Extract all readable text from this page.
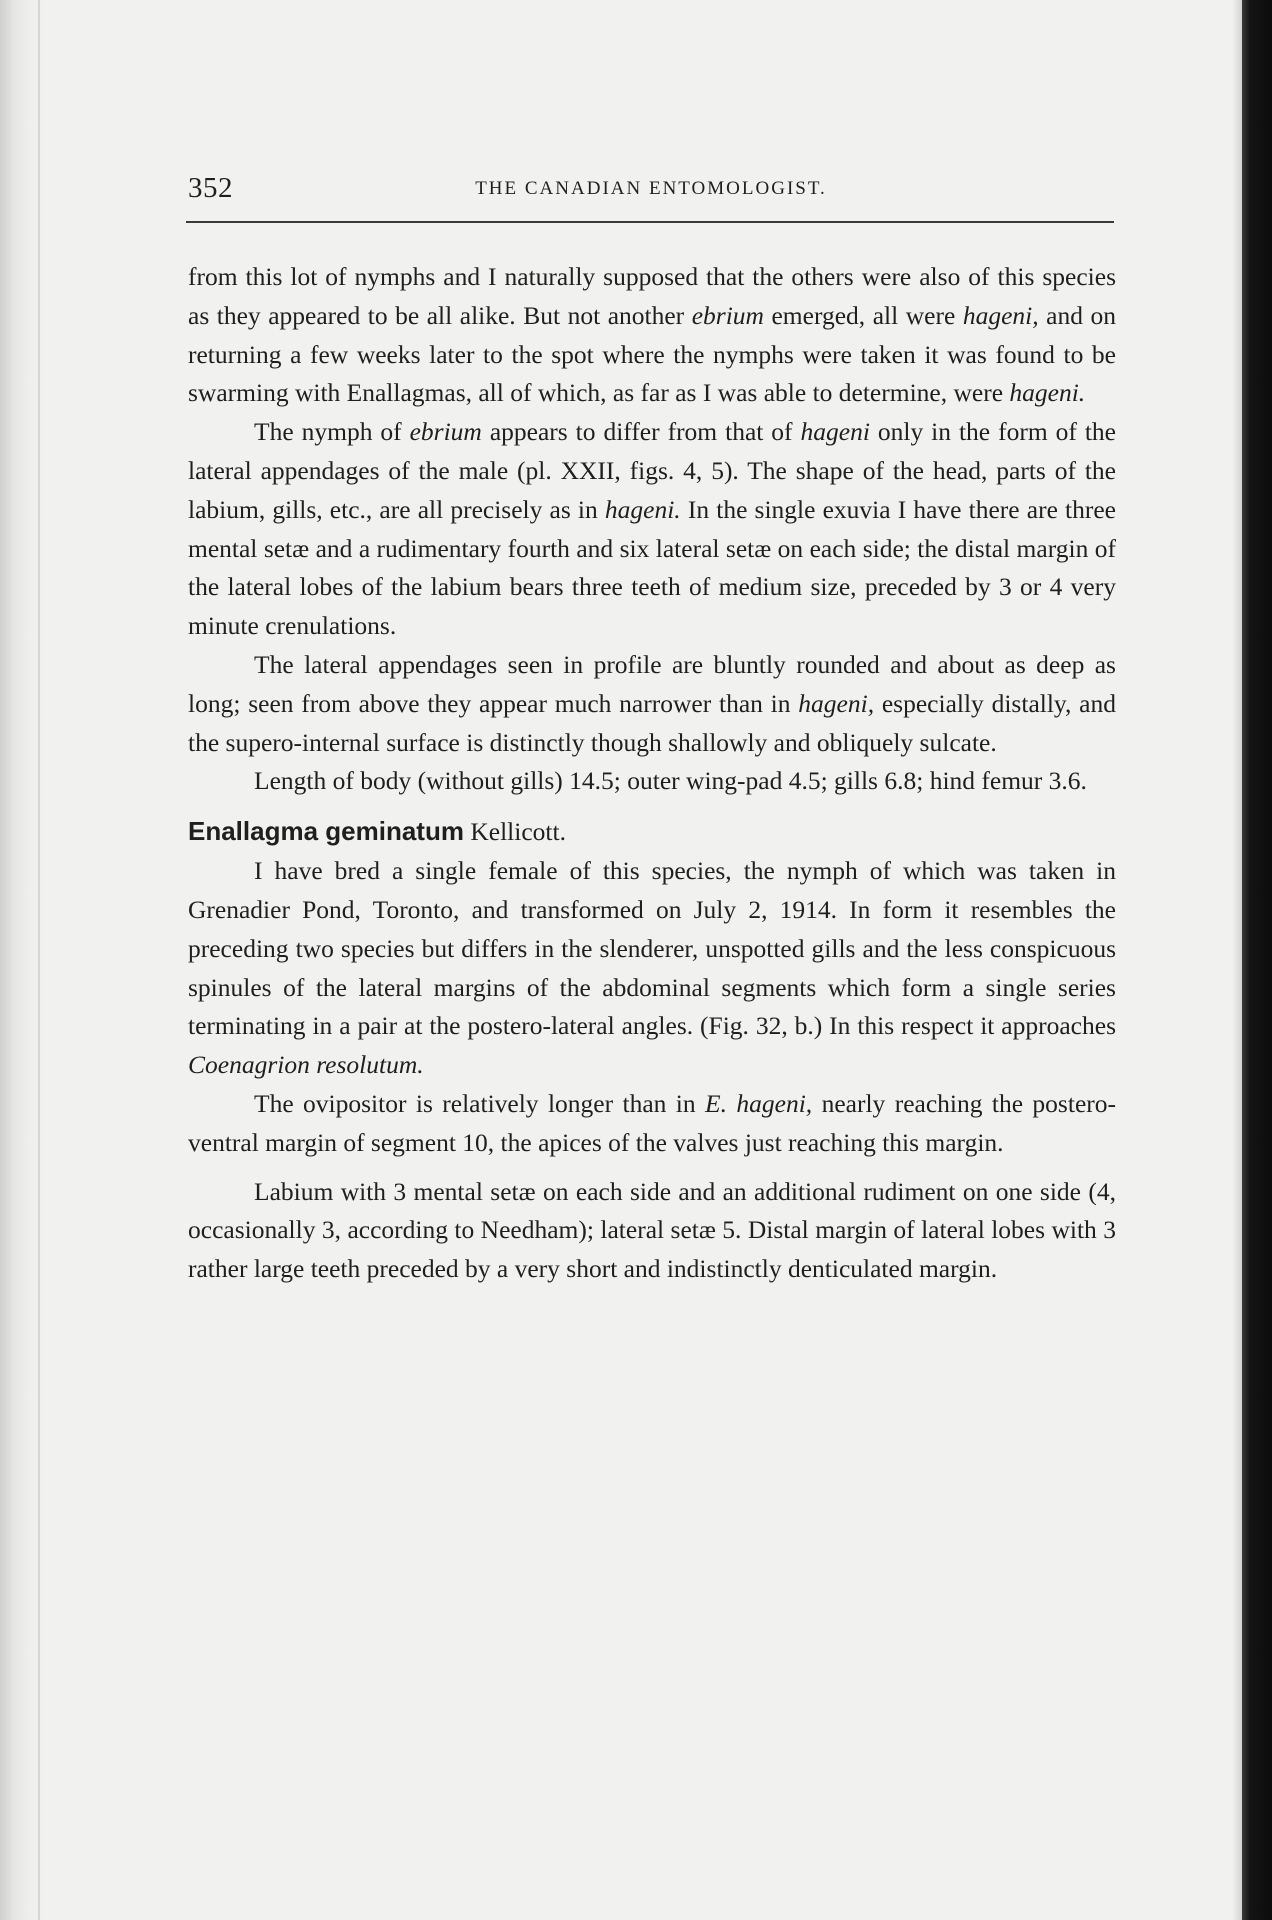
352	THE CANADIAN ENTOMOLOGIST.

from this lot of nymphs and I naturally supposed that the others were also of this species as they appeared to be all alike. But not another ebrium emerged, all were hageni, and on returning a few weeks later to the spot where the nymphs were taken it was found to be swarming with Enallagmas, all of which, as far as I was able to determine, were hageni.

The nymph of ebrium appears to differ from that of hageni only in the form of the lateral appendages of the male (pl. XXII, figs. 4, 5). The shape of the head, parts of the labium, gills, etc., are all precisely as in hageni. In the single exuvia I have there are three mental setæ and a rudimentary fourth and six lateral setæ on each side; the distal margin of the lateral lobes of the labium bears three teeth of medium size, preceded by 3 or 4 very minute crenulations.

The lateral appendages seen in profile are bluntly rounded and about as deep as long; seen from above they appear much narrower than in hageni, especially distally, and the supero-internal surface is distinctly though shallowly and obliquely sulcate.

Length of body (without gills) 14.5; outer wing-pad 4.5; gills 6.8; hind femur 3.6.

Enallagma geminatum Kellicott.

I have bred a single female of this species, the nymph of which was taken in Grenadier Pond, Toronto, and transformed on July 2, 1914. In form it resembles the preceding two species but differs in the slenderer, unspotted gills and the less conspicuous spinules of the lateral margins of the abdominal segments which form a single series terminating in a pair at the postero-lateral angles. (Fig. 32, b.) In this respect it approaches Coenagrion resolutum.

The ovipositor is relatively longer than in E. hageni, nearly reaching the postero-ventral margin of segment 10, the apices of the valves just reaching this margin.

Labium with 3 mental setæ on each side and an additional rudiment on one side (4, occasionally 3, according to Needham); lateral setæ 5. Distal margin of lateral lobes with 3 rather large teeth preceded by a very short and indistinctly denticulated margin.
